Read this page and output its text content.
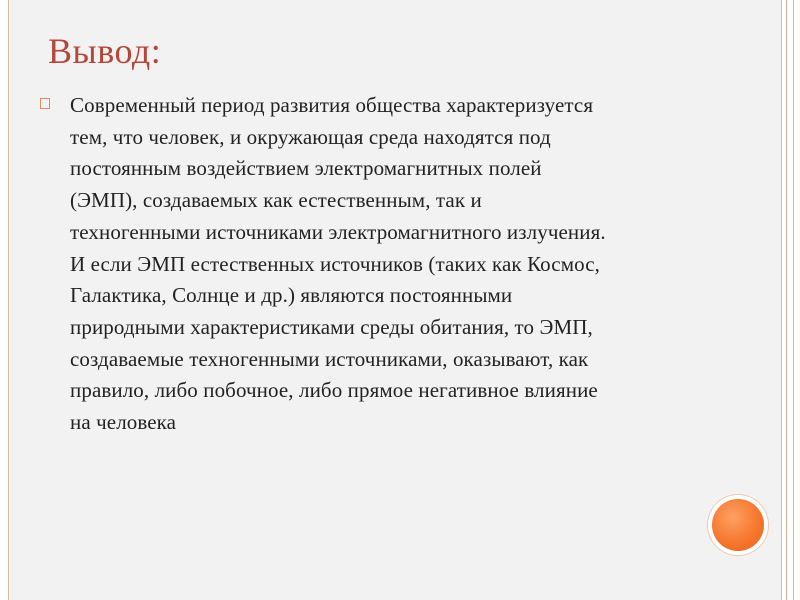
Вывод:
Современный период развития общества характеризуется
тем, что человек, и окружающая среда находятся под
постоянным воздействием электромагнитных полей
(ЭМП), создаваемых как естественным, так и
техногенными источниками электромагнитного излучения.
И если ЭМП естественных источников (таких как Космос,
Галактика, Солнце и др.) являются постоянными
природными характеристиками среды обитания, то ЭМП,
создаваемые техногенными источниками, оказывают, как
правило, либо побочное, либо прямое негативное влияние
на человека
